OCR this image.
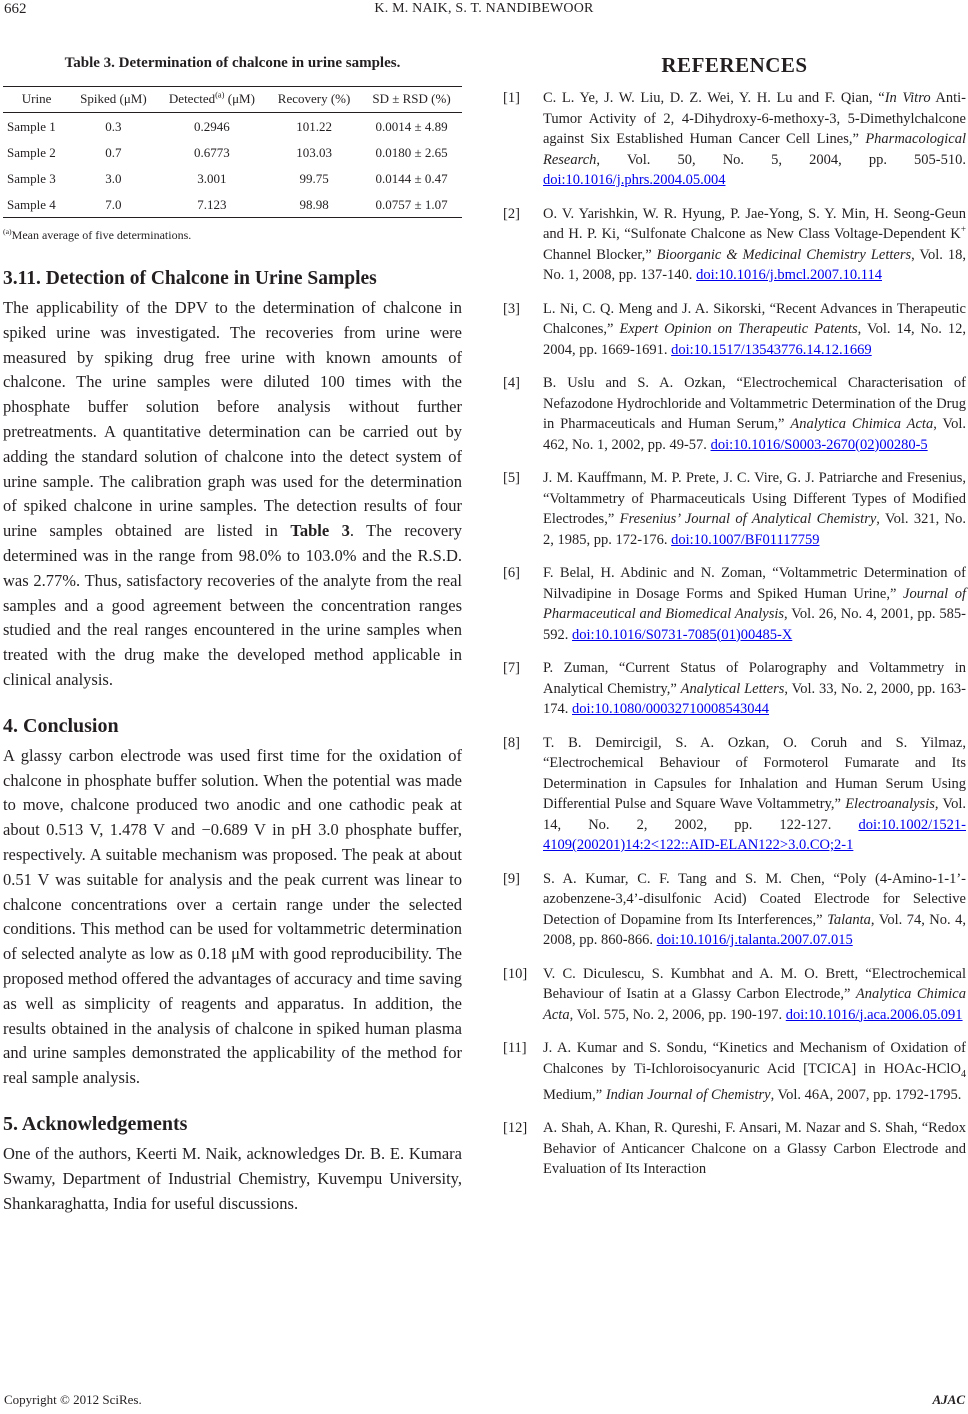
662	K. M. NAIK, S. T. NANDIBEWOOR
Table 3. Determination of chalcone in urine samples.
Urine	Spiked (μM)	Detected$^{(a)}$ (μM)	Recovery (%)	SD ± RSD (%)
Sample 1	0.3	0.2946	101.22	0.0014 ± 4.89
Sample 2	0.7	0.6773	103.03	0.0180 ± 2.65
Sample 3	3.0	3.001	99.75	0.0144 ± 0.47
Sample 4	7.0	7.123	98.98	0.0757 ± 1.07
$^{(a)}$Mean average of five determinations.
3.11. Detection of Chalcone in Urine Samples

The applicability of the DPV to the determination of chalcone in spiked urine was investigated. The recoveries from urine were measured by spiking drug free urine with known amounts of chalcone. The urine samples were diluted 100 times with the phosphate buffer solution before analysis without further pretreatments. A quantitative determination can be carried out by adding the standard solution of chalcone into the detect system of urine sample. The calibration graph was used for the determination of spiked chalcone in urine samples. The detection results of four urine samples obtained are listed in Table 3. The recovery determined was in the range from 98.0% to 103.0% and the R.S.D. was 2.77%. Thus, satisfactory recoveries of the analyte from the real samples and a good agreement between the concentration ranges studied and the real ranges encountered in the urine samples when treated with the drug make the developed method applicable in clinical analysis.

4. Conclusion

A glassy carbon electrode was used first time for the oxidation of chalcone in phosphate buffer solution. When the potential was made to move, chalcone produced two anodic and one cathodic peak at about 0.513 V, 1.478 V and −0.689 V in pH 3.0 phosphate buffer, respectively. A suitable mechanism was proposed. The peak at about 0.51 V was suitable for analysis and the peak current was linear to chalcone concentrations over a certain range under the selected conditions. This method can be used for voltammetric determination of selected analyte as low as 0.18 μM with good reproducibility. The proposed method offered the advantages of accuracy and time saving as well as simplicity of reagents and apparatus. In addition, the results obtained in the analysis of chalcone in spiked human plasma and urine samples demonstrated the applicability of the method for real sample analysis.

5. Acknowledgements

One of the authors, Keerti M. Naik, acknowledges Dr. B. E. Kumara Swamy, Department of Industrial Chemistry, Kuvempu University, Shankaraghatta, India for useful discussions.

REFERENCES
[1]	C. L. Ye, J. W. Liu, D. Z. Wei, Y. H. Lu and F. Qian, “In Vitro Anti-Tumor Activity of 2, 4-Dihydroxy-6-methoxy-3, 5-Dimethylchalcone against Six Established Human Cancer Cell Lines,” Pharmacological Research, Vol. 50, No. 5, 2004, pp. 505-510. doi:10.1016/j.phrs.2004.05.004
[2]	O. V. Yarishkin, W. R. Hyung, P. Jae-Yong, S. Y. Min, H. Seong-Geun and H. P. Ki, “Sulfonate Chalcone as New Class Voltage-Dependent K+ Channel Blocker,” Bioorganic & Medicinal Chemistry Letters, Vol. 18, No. 1, 2008, pp. 137-140. doi:10.1016/j.bmcl.2007.10.114
[3]	L. Ni, C. Q. Meng and J. A. Sikorski, “Recent Advances in Therapeutic Chalcones,” Expert Opinion on Therapeutic Patents, Vol. 14, No. 12, 2004, pp. 1669-1691. doi:10.1517/13543776.14.12.1669
[4]	B. Uslu and S. A. Ozkan, “Electrochemical Characterisation of Nefazodone Hydrochloride and Voltammetric Determination of the Drug in Pharmaceuticals and Human Serum,” Analytica Chimica Acta, Vol. 462, No. 1, 2002, pp. 49-57. doi:10.1016/S0003-2670(02)00280-5
[5]	J. M. Kauffmann, M. P. Prete, J. C. Vire, G. J. Patriarche and Fresenius, “Voltammetry of Pharmaceuticals Using Different Types of Modified Electrodes,” Fresenius’ Journal of Analytical Chemistry, Vol. 321, No. 2, 1985, pp. 172-176. doi:10.1007/BF01117759
[6]	F. Belal, H. Abdinic and N. Zoman, “Voltammetric Determination of Nilvadipine in Dosage Forms and Spiked Human Urine,” Journal of Pharmaceutical and Biomedical Analysis, Vol. 26, No. 4, 2001, pp. 585-592. doi:10.1016/S0731-7085(01)00485-X
[7]	P. Zuman, “Current Status of Polarography and Voltammetry in Analytical Chemistry,” Analytical Letters, Vol. 33, No. 2, 2000, pp. 163-174. doi:10.1080/00032710008543044
[8]	T. B. Demircigil, S. A. Ozkan, O. Coruh and S. Yilmaz, “Electrochemical Behaviour of Formoterol Fumarate and Its Determination in Capsules for Inhalation and Human Serum Using Differential Pulse and Square Wave Voltammetry,” Electroanalysis, Vol. 14, No. 2, 2002, pp. 122-127. doi:10.1002/1521-4109(200201)14:2<122::AID-ELAN122>3.0.CO;2-1
[9]	S. A. Kumar, C. F. Tang and S. M. Chen, “Poly (4-Amino-1-1’-azobenzene-3,4’-disulfonic Acid) Coated Electrode for Selective Detection of Dopamine from Its Interferences,” Talanta, Vol. 74, No. 4, 2008, pp. 860-866. doi:10.1016/j.talanta.2007.07.015
[10]	V. C. Diculescu, S. Kumbhat and A. M. O. Brett, “Electrochemical Behaviour of Isatin at a Glassy Carbon Electrode,” Analytica Chimica Acta, Vol. 575, No. 2, 2006, pp. 190-197. doi:10.1016/j.aca.2006.05.091
[11]	J. A. Kumar and S. Sondu, “Kinetics and Mechanism of Oxidation of Chalcones by Ti-Ichloroisocyanuric Acid [TCICA] in HOAc-HClO$_4$ Medium,” Indian Journal of Chemistry, Vol. 46A, 2007, pp. 1792-1795.
[12]	A. Shah, A. Khan, R. Qureshi, F. Ansari, M. Nazar and S. Shah, “Redox Behavior of Anticancer Chalcone on a Glassy Carbon Electrode and Evaluation of Its Interaction
Copyright © 2012 SciRes.	AJAC
